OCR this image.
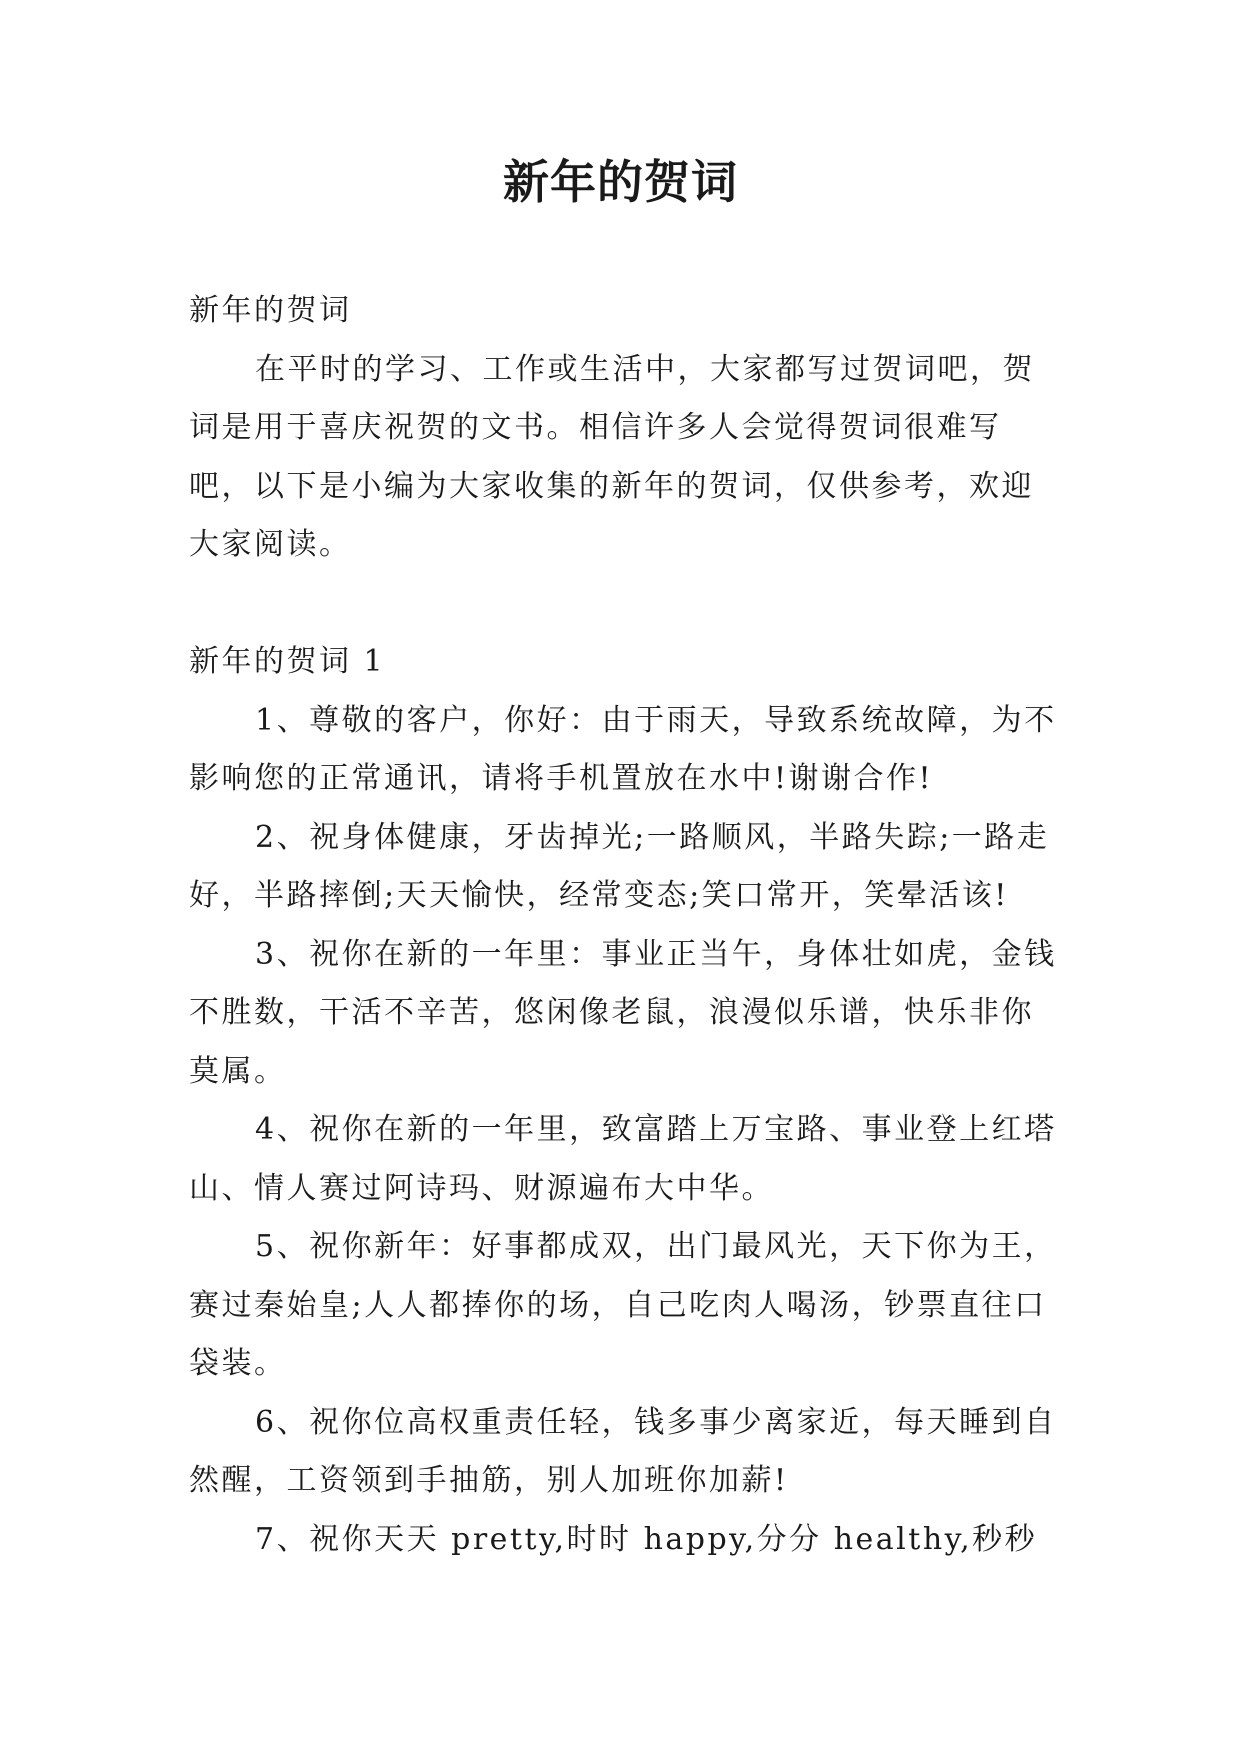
新年的贺词

新年的贺词

在平时的学习、工作或生活中，大家都写过贺词吧，贺词是用于喜庆祝贺的文书。相信许多人会觉得贺词很难写吧，以下是小编为大家收集的新年的贺词，仅供参考，欢迎大家阅读。

新年的贺词 1

1、尊敬的客户，你好：由于雨天，导致系统故障，为不影响您的正常通讯，请将手机置放在水中!谢谢合作!

2、祝身体健康，牙齿掉光;一路顺风，半路失踪;一路走好，半路摔倒;天天愉快，经常变态;笑口常开，笑晕活该!

3、祝你在新的一年里：事业正当午，身体壮如虎，金钱不胜数，干活不辛苦，悠闲像老鼠，浪漫似乐谱，快乐非你莫属。

4、祝你在新的一年里，致富踏上万宝路、事业登上红塔山、情人赛过阿诗玛、财源遍布大中华。

5、祝你新年：好事都成双，出门最风光，天下你为王，赛过秦始皇;人人都捧你的场，自己吃肉人喝汤，钞票直往口袋装。

6、祝你位高权重责任轻，钱多事少离家近，每天睡到自然醒，工资领到手抽筋，别人加班你加薪!

7、祝你天天 pretty,时时 happy,分分 healthy,秒秒
